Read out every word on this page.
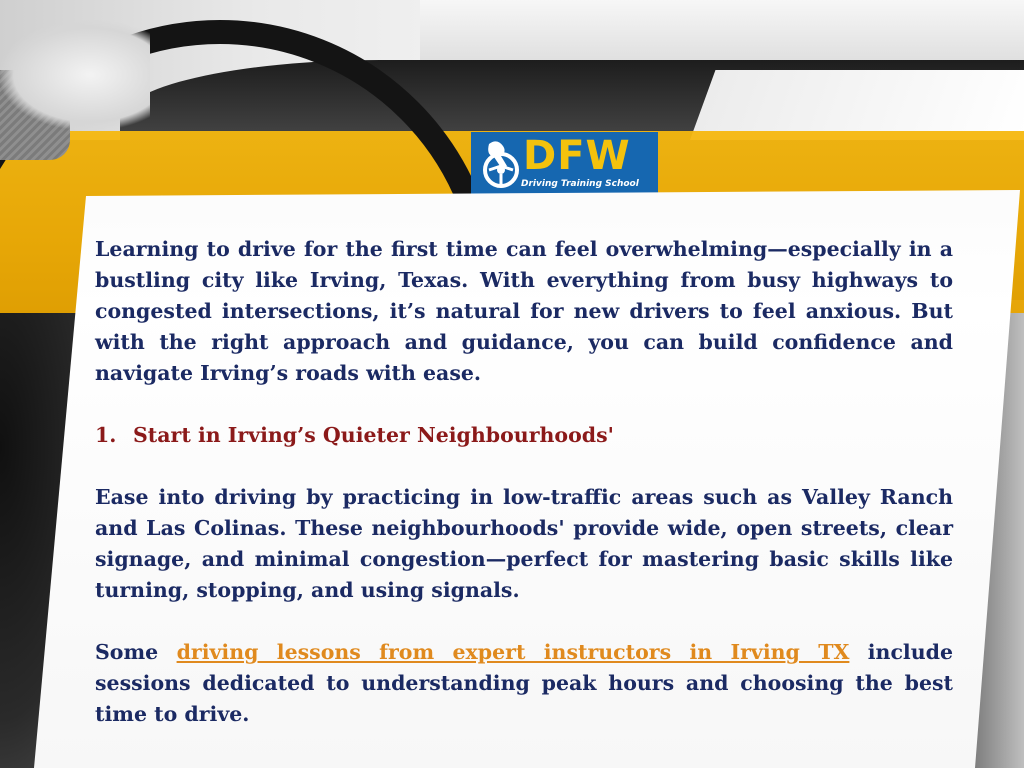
DFW
Driving Training School

Learning to drive for the first time can feel overwhelming—especially in a bustling city like Irving, Texas. With everything from busy highways to congested intersections, it’s natural for new drivers to feel anxious. But with the right approach and guidance, you can build confidence and navigate Irving’s roads with ease.

1. Start in Irving’s Quieter Neighbourhoods'

Ease into driving by practicing in low-traffic areas such as Valley Ranch and Las Colinas. These neighbourhoods' provide wide, open streets, clear signage, and minimal congestion—perfect for mastering basic skills like turning, stopping, and using signals.

Some driving lessons from expert instructors in Irving TX include sessions dedicated to understanding peak hours and choosing the best time to drive.
